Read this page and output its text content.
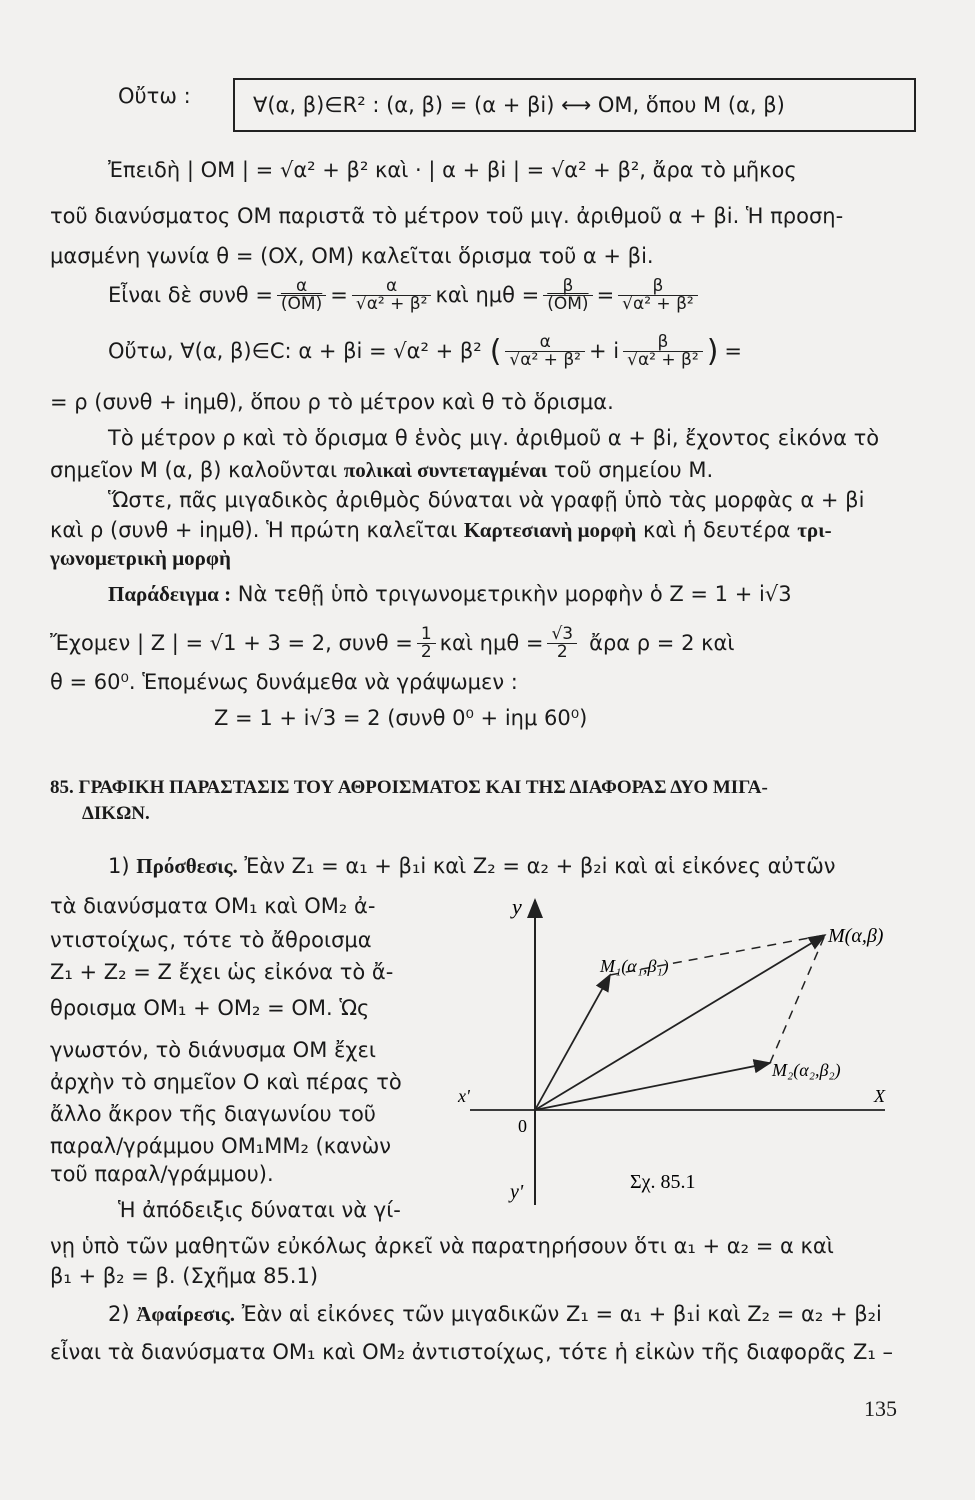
Οὔτω :	∀(α, β)∈R² : (α, β) = (α + βi) ⟷ OM, ὅπου M (α, β)
Ἐπειδὴ | OM | = √α² + β² καὶ · | α + βi | = √α² + β², ἄρα τὸ μῆκος
τοῦ διανύσματος OM παριστᾶ τὸ μέτρον τοῦ μιγ. ἀριθμοῦ α + βi. Ἡ προση-
μασμένη γωνία θ = (OX, OM) καλεῖται ὅρισμα τοῦ α + βi.
Εἶναι δὲ $\sigma\upsilon\nu\theta = \frac{\alpha}{(OM)} = \frac{\alpha}{\text{√α² + β²}}$ καὶ $\eta\mu\theta = \frac{\beta}{(OM)} = \frac{\beta}{\text{√α² + β²}}$
Οὔτω, ∀(α, β)∈C: α + βi = √α² + β² ( $\frac{\alpha}{\text{√α² + β²}} + i \frac{\beta}{\text{√α² + β²}}$ ) =
= ρ (συνθ + iημθ), ὅπου ρ τὸ μέτρον καὶ θ τὸ ὅρισμα.
Τὸ μέτρον ρ καὶ τὸ ὅρισμα θ ἑνὸς μιγ. ἀριθμοῦ α + βi, ἔχοντος εἰκόνα τὸ
σημεῖον M (α, β) καλοῦνται πολικαὶ συντεταγμέναι τοῦ σημείου M.
Ὥστε, πᾶς μιγαδικὸς ἀριθμὸς δύναται νὰ γραφῇ ὑπὸ τὰς μορφὰς α + βi
καὶ ρ (συνθ + iημθ). Ἡ πρώτη καλεῖται Καρτεσιανὴ μορφὴ καὶ ἡ δευτέρα τρι-
γωνομετρικὴ μορφὴ
Παράδειγμα : Νὰ τεθῇ ὑπὸ τριγωνομετρικὴν μορφὴν ὁ Z = 1 + i√3
Ἔχομεν | Z | = √1 + 3 = 2, $\sigma\upsilon\nu\theta = \frac{1}{2}$ καὶ $\eta\mu\theta = \frac{√3}{2}$ ἄρα ρ = 2 καὶ
θ = 60⁰. Ἑπομένως δυνάμεθα νὰ γράψωμεν :
Z = 1 + i√3 = 2 (συνθ 0⁰ + iημ 60⁰)
85. ΓΡΑΦΙΚΗ ΠΑΡΑΣΤΑΣΙΣ ΤΟΥ ΑΘΡΟΙΣΜΑΤΟΣ ΚΑΙ ΤΗΣ ΔΙΑΦΟΡΑΣ ΔΥΟ ΜΙΓΑ-
ΔΙΚΩΝ.
1) Πρόσθεσις. Ἐὰν Z₁ = α₁ + β₁i καὶ Z₂ = α₂ + β₂i καὶ αἱ εἰκόνες αὐτῶν
τὰ διανύσματα OM₁ καὶ OM₂ ἀ-
ντιστοίχως, τότε τὸ ἄθροισμα
Z₁ + Z₂ = Z ἔχει ὡς εἰκόνα τὸ ἄ-
θροισμα OM₁ + OM₂ = OM. Ὡς
γνωστόν, τὸ διάνυσμα OM ἔχει
ἀρχὴν τὸ σημεῖον O καὶ πέρας τὸ
ἄλλο ἄκρον τῆς διαγωνίου τοῦ
παραλ/γράμμου OM₁MM₂ (κανὼν
τοῦ παραλ/γράμμου).
Ἡ ἀπόδειξις δύναται νὰ γί-
νῃ ὑπὸ τῶν μαθητῶν εὐκόλως ἀρκεῖ νὰ παρατηρήσουν ὅτι α₁ + α₂ = α καὶ
β₁ + β₂ = β. (Σχῆμα 85.1)
2) Ἀφαίρεσις. Ἐὰν αἱ εἰκόνες τῶν μιγαδικῶν Z₁ = α₁ + β₁i καὶ Z₂ = α₂ + β₂i
εἶναι τὰ διανύσματα OM₁ καὶ OM₂ ἀντιστοίχως, τότε ἡ εἰκὼν τῆς διαφορᾶς Z₁ –
135
y
y'
X
x'
0
M(α,β)
M₁(α₁,β₁)
M₂(α₂,β₂)
Σχ. 85.1
